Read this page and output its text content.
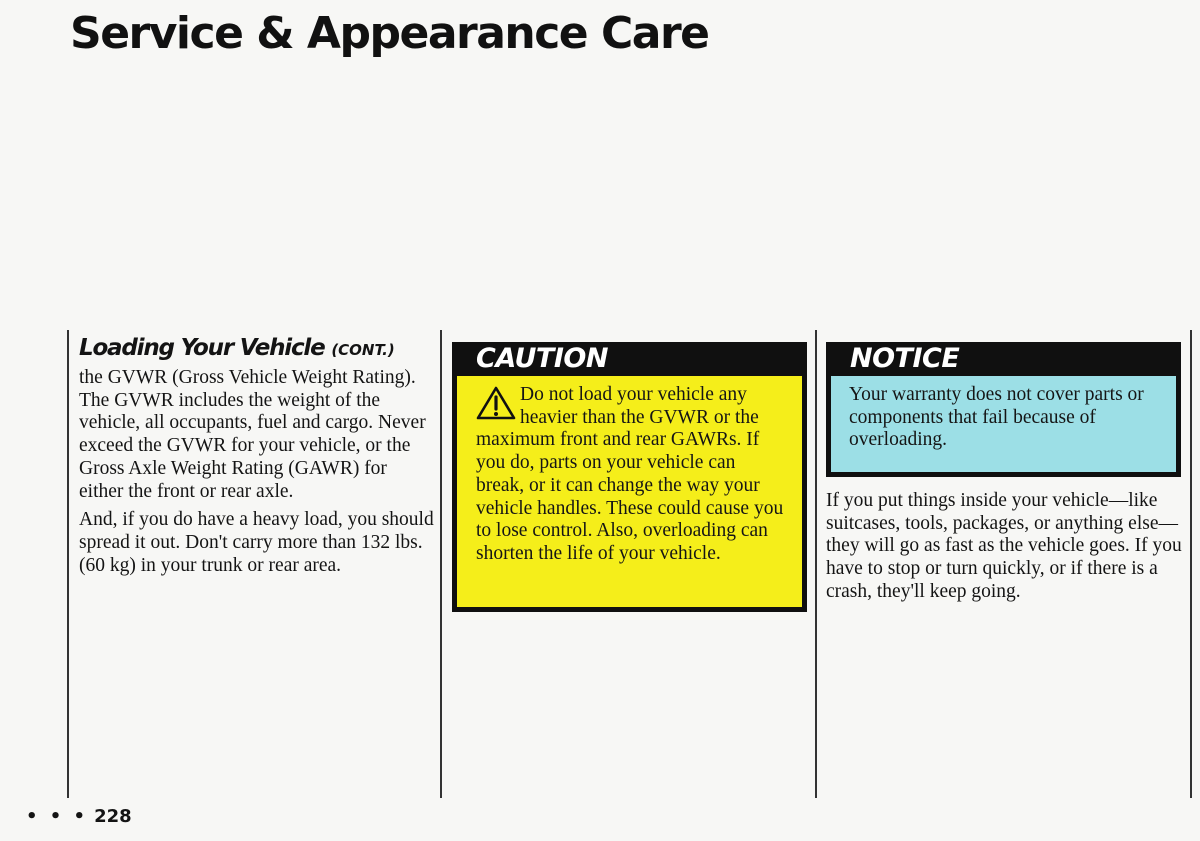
Service & Appearance Care
Loading Your Vehicle (CONT.)

the GVWR (Gross Vehicle Weight Rating). The GVWR includes the weight of the vehicle, all occupants, fuel and cargo. Never exceed the GVWR for your vehicle, or the Gross Axle Weight Rating (GAWR) for either the front or rear axle.

And, if you do have a heavy load, you should spread it out. Don't carry more than 132 lbs. (60 kg) in your trunk or rear area.

CAUTION
Do not load your vehicle any heavier than the GVWR or the maximum front and rear GAWRs. If you do, parts on your vehicle can break, or it can change the way your vehicle handles. These could cause you to lose control. Also, overloading can shorten the life of your vehicle.
NOTICE
Your warranty does not cover parts or components that fail because of overloading.

If you put things inside your vehicle—like suitcases, tools, packages, or anything else—they will go as fast as the vehicle goes. If you have to stop or turn quickly, or if there is a crash, they'll keep going.

• • • 228
